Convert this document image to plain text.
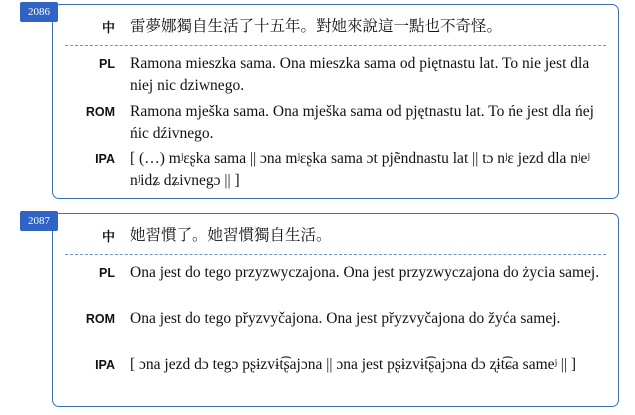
中 雷夢娜獨自生活了十五年。對她來說這一點也不奇怪。
PL Ramona mieszka sama. Ona mieszka sama od piętnastu lat. To nie jest dla niej nic dziwnego.
ROM Ramona mješka sama. Ona mješka sama od pjętnastu lat. To ńe jest dla ńej ńic dźivnego.
IPA [ (…) mʲɛʂka sama || ɔna mʲɛʂka sama ɔt pjẽndnastu lat || tɔ nʲɛ jezd dla nʲeʲ nʲidʑ dʑivnegɔ || ]
2086
中 她習慣了。她習慣獨自生活。
PL Ona jest do tego przyzwyczajona. Ona jest przyzwyczajona do życia samej.
ROM Ona jest do tego přyzvyčajona. Ona jest přyzvyčajona do žyća samej.
IPA [ ɔna jezd dɔ tegɔ pʂɨzvɨt͡ʂajɔna || ɔna jest pʂɨzvɨt͡ʂajɔna dɔ ʐɨt͡ɕa sameʲ || ]
2087
